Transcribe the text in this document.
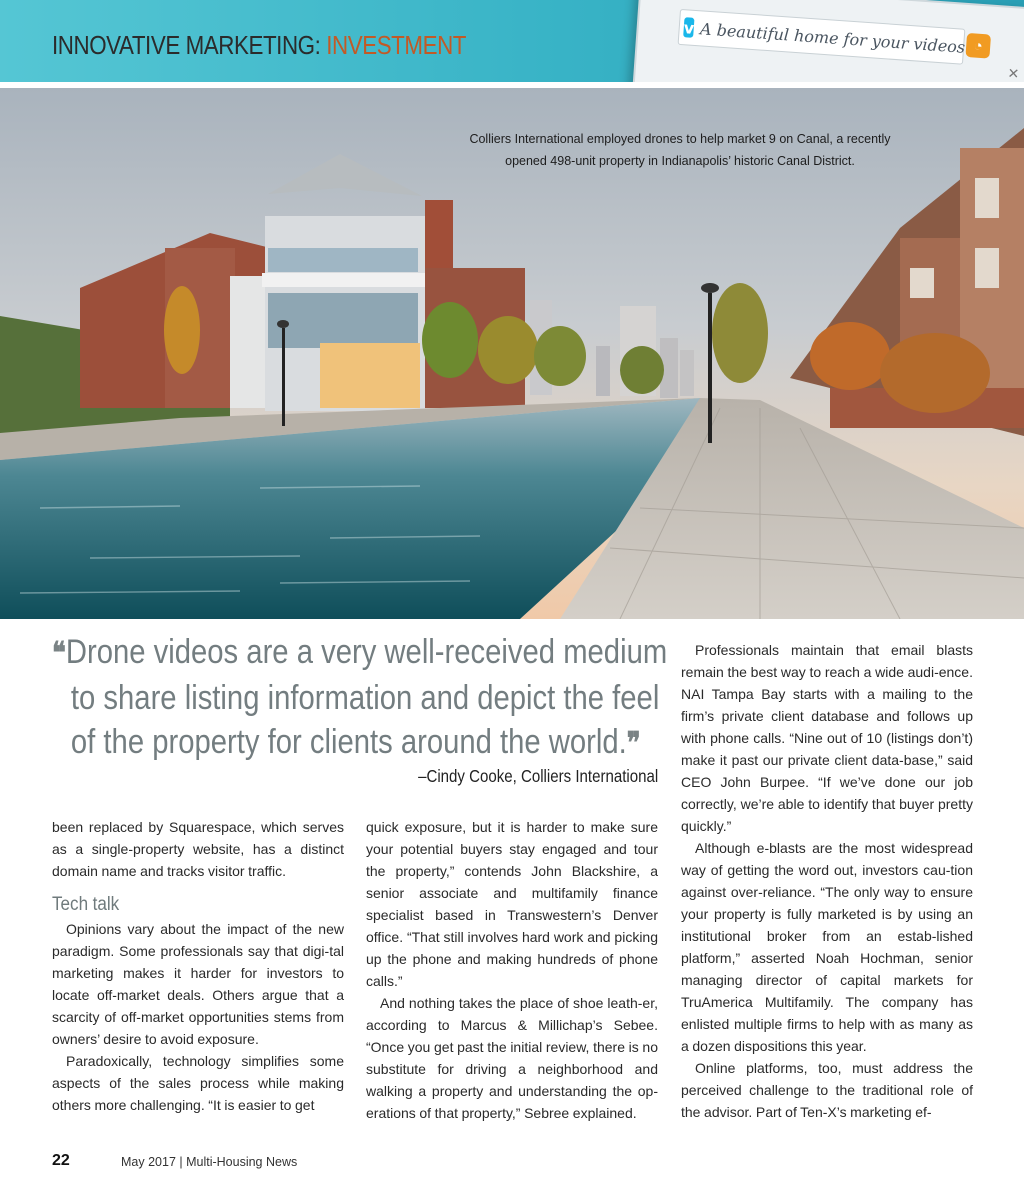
v A beautiful home for your videos ◔
✕
INNOVATIVE MARKETING: INVESTMENT
Colliers International employed drones to help market 9 on Canal, a recently
opened 498-unit property in Indianapolis’ historic Canal District.

❝Drone videos are a very well-received medium to share listing information and depict the feel of the property for clients around the world.❞

–Cindy Cooke, Colliers International

been replaced by Squarespace, which serves as a single-property website, has a distinct domain name and tracks visitor traffic.

Tech talk

Opinions vary about the impact of the new paradigm. Some professionals say that digi-tal marketing makes it harder for investors to locate off-market deals. Others argue that a scarcity of off-market opportunities stems from owners’ desire to avoid exposure.

Paradoxically, technology simplifies some aspects of the sales process while making others more challenging. “It is easier to get

quick exposure, but it is harder to make sure your potential buyers stay engaged and tour the property,” contends John Blackshire, a senior associate and multifamily finance specialist based in Transwestern’s Denver office. “That still involves hard work and picking up the phone and making hundreds of phone calls.”

And nothing takes the place of shoe leath-er, according to Marcus & Millichap’s Sebee. “Once you get past the initial review, there is no substitute for driving a neighborhood and walking a property and understanding the op-erations of that property,” Sebree explained.

Professionals maintain that email blasts remain the best way to reach a wide audi-ence. NAI Tampa Bay starts with a mailing to the firm’s private client database and follows up with phone calls. “Nine out of 10 (listings don’t) make it past our private client data-base,” said CEO John Burpee. “If we’ve done our job correctly, we’re able to identify that buyer pretty quickly.”

Although e-blasts are the most widespread way of getting the word out, investors cau-tion against over-reliance. “The only way to ensure your property is fully marketed is by using an institutional broker from an estab-lished platform,” asserted Noah Hochman, senior managing director of capital markets for TruAmerica Multifamily. The company has enlisted multiple firms to help with as many as a dozen dispositions this year.

Online platforms, too, must address the perceived challenge to the traditional role of the advisor. Part of Ten-X’s marketing ef-

22	May 2017 | Multi-Housing News
